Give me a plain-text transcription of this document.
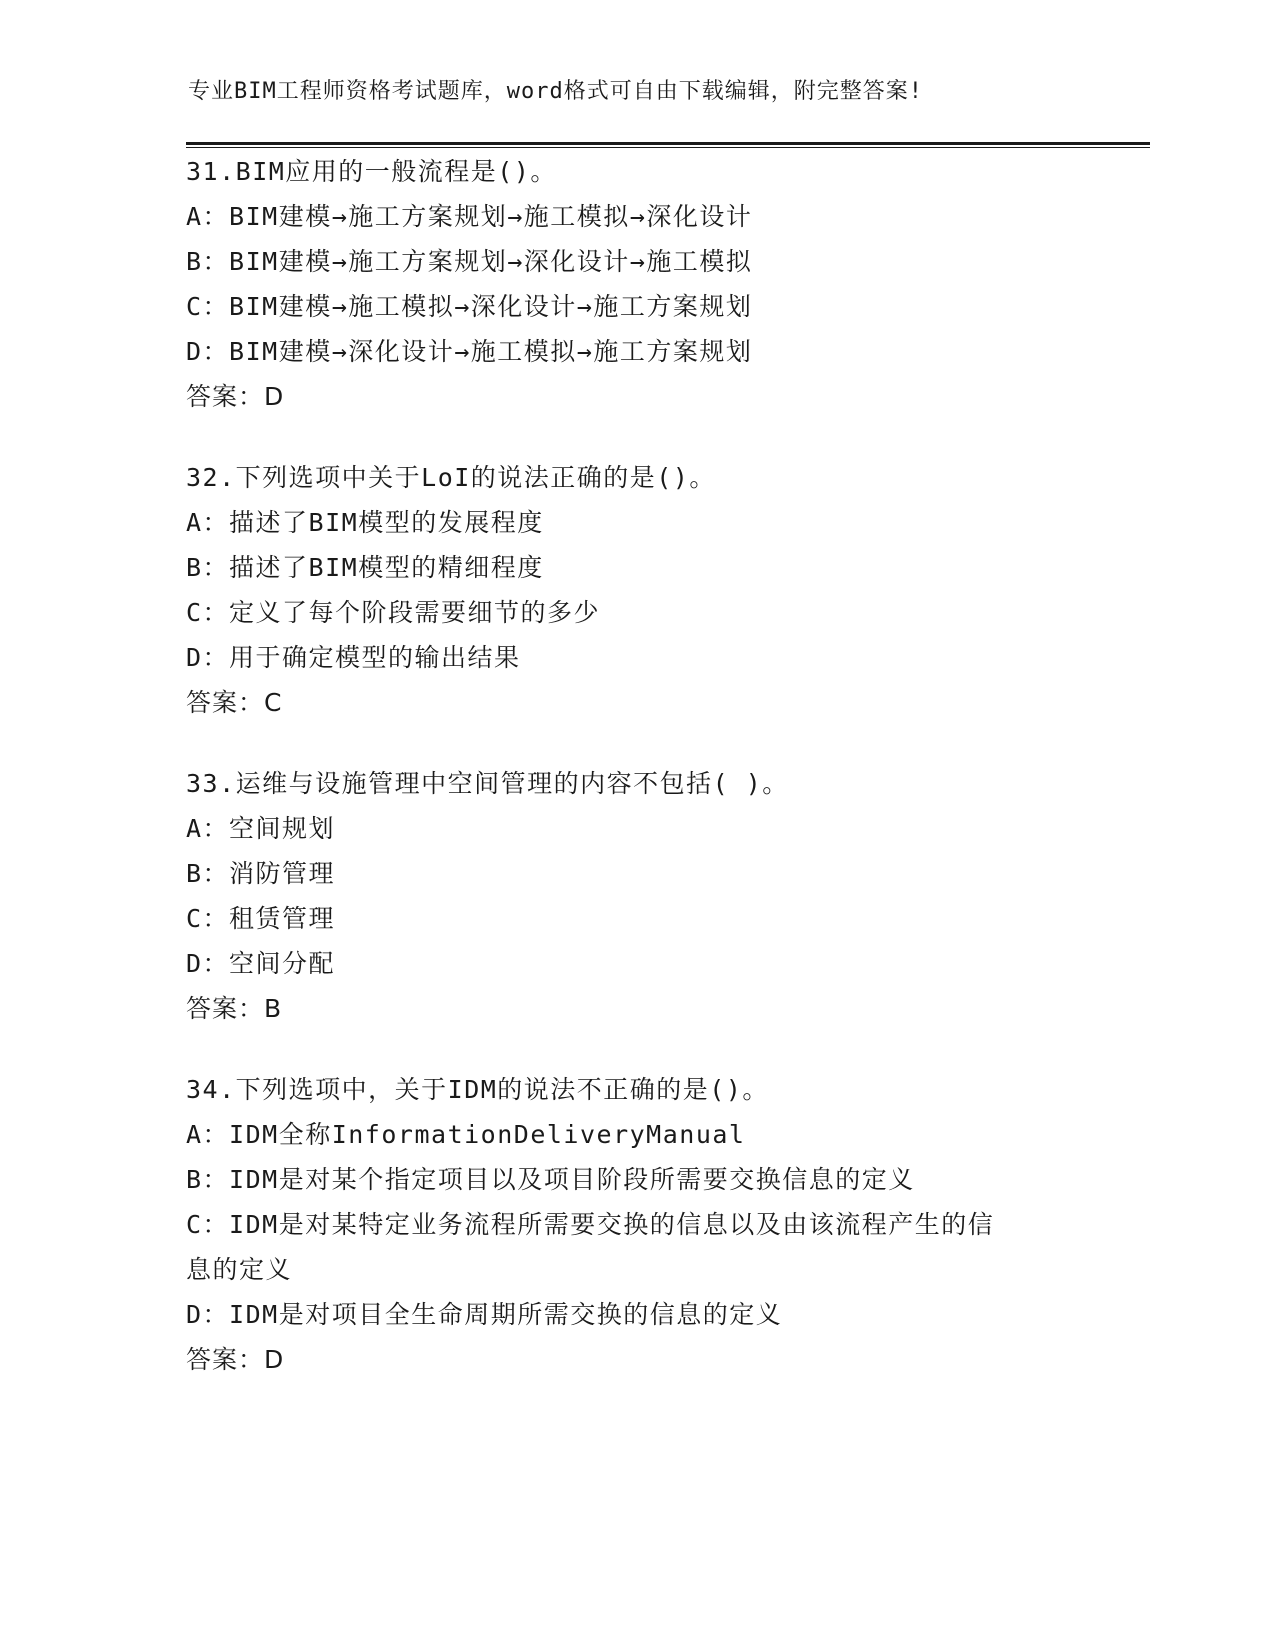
专业BIM工程师资格考试题库，word格式可自由下载编辑，附完整答案!
31.BIM应用的一般流程是()。
A：BIM建模→施工方案规划→施工模拟→深化设计
B：BIM建模→施工方案规划→深化设计→施工模拟
C：BIM建模→施工模拟→深化设计→施工方案规划
D：BIM建模→深化设计→施工模拟→施工方案规划
答案：D
32.下列选项中关于LoI的说法正确的是()。
A：描述了BIM模型的发展程度
B：描述了BIM模型的精细程度
C：定义了每个阶段需要细节的多少
D：用于确定模型的输出结果
答案：C
33.运维与设施管理中空间管理的内容不包括( )。
A：空间规划
B：消防管理
C：租赁管理
D：空间分配
答案：B
34.下列选项中，关于IDM的说法不正确的是()。
A：IDM全称InformationDeliveryManual
B：IDM是对某个指定项目以及项目阶段所需要交换信息的定义
C：IDM是对某特定业务流程所需要交换的信息以及由该流程产生的信
息的定义
D：IDM是对项目全生命周期所需交换的信息的定义
答案：D
